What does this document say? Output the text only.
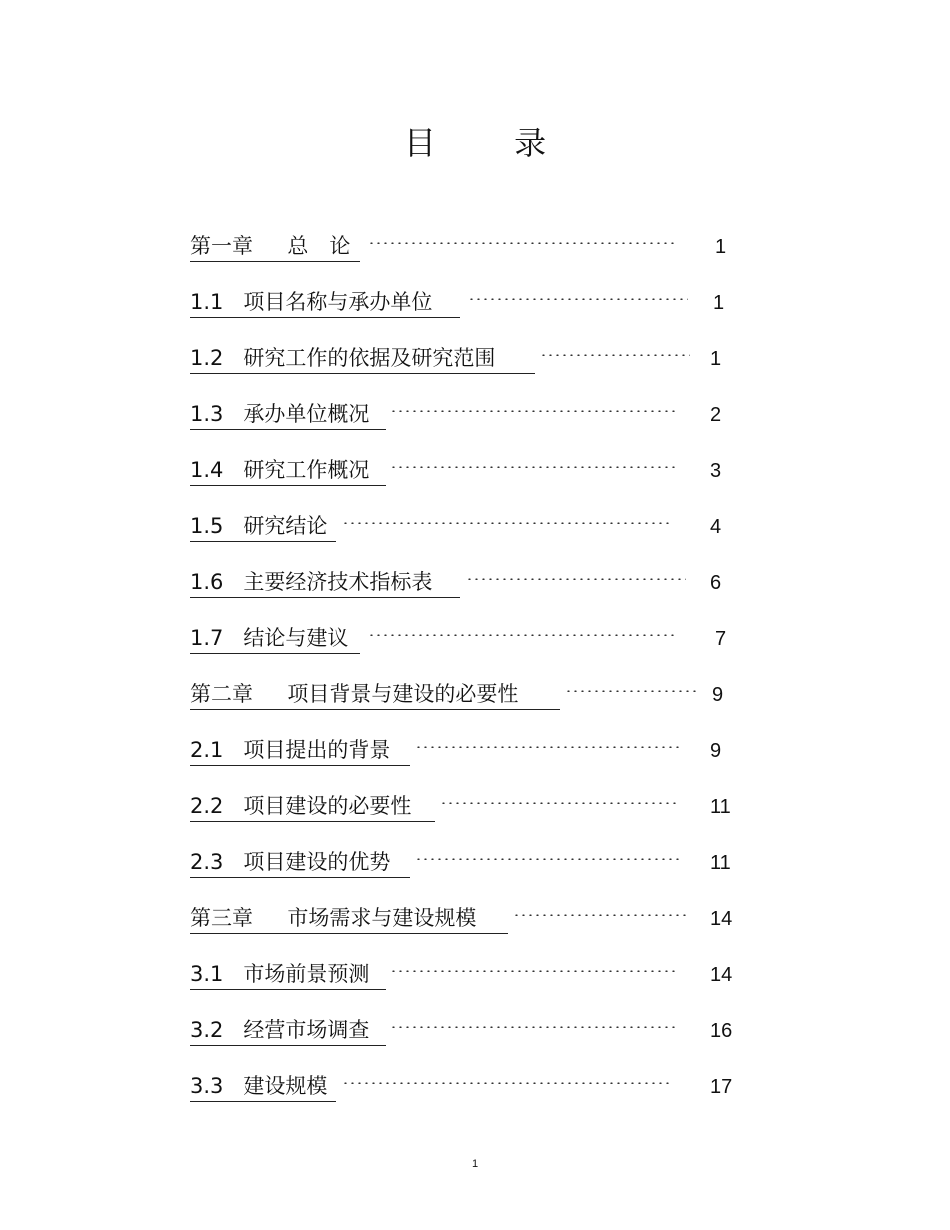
目 录
第一章　  总　论	1
1.1   项目名称与承办单位	1
1.2   研究工作的依据及研究范围	1
1.3   承办单位概况	2
1.4   研究工作概况	3
1.5   研究结论	4
1.6   主要经济技术指标表	6
1.7   结论与建议	7
第二章　  项目背景与建设的必要性	9
2.1   项目提出的背景	9
2.2   项目建设的必要性	11
2.3   项目建设的优势	11
第三章　  市场需求与建设规模	14
3.1   市场前景预测	14
3.2   经营市场调查	16
3.3   建设规模	17
1
